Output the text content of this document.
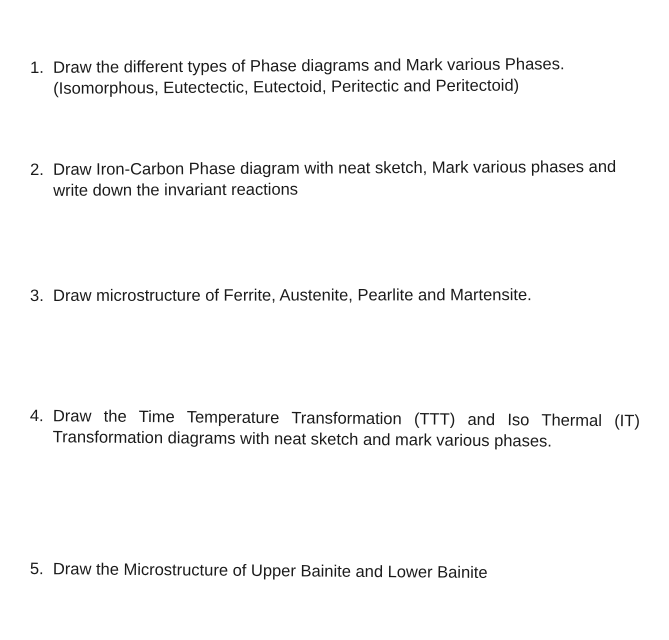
1. Draw the different types of Phase diagrams and Mark various Phases.
(Isomorphous, Eutectectic, Eutectoid, Peritectic and Peritectoid)
2. Draw Iron-Carbon Phase diagram with neat sketch, Mark various phases and
write down the invariant reactions
3. Draw microstructure of Ferrite, Austenite, Pearlite and Martensite.
4. Draw the Time Temperature Transformation (TTT) and Iso Thermal (IT)
Transformation diagrams with neat sketch and mark various phases.
5. Draw the Microstructure of Upper Bainite and Lower Bainite
